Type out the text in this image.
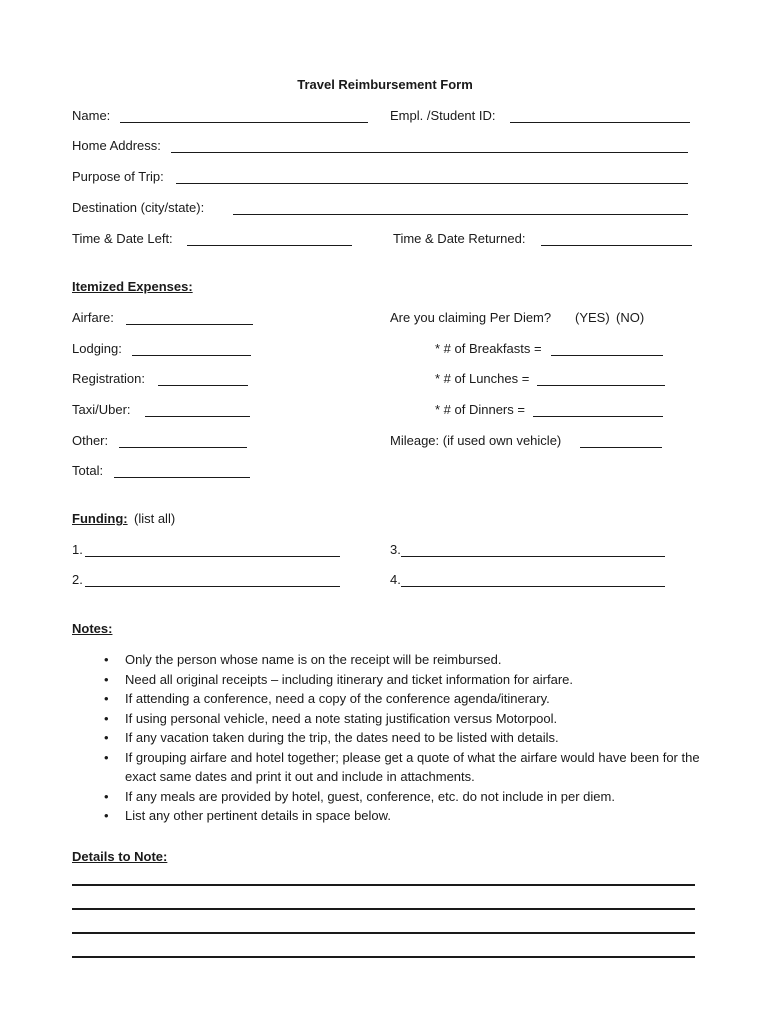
Travel Reimbursement Form
Name:	Empl. /Student ID:
Home Address:
Purpose of Trip:
Destination (city/state):
Time & Date Left:	Time & Date Returned:
Itemized Expenses:
Airfare:	Are you claiming Per Diem? (YES) (NO)
Lodging:	* # of Breakfasts =
Registration:	* # of Lunches =
Taxi/Uber:	* # of Dinners =
Other:	Mileage: (if used own vehicle)
Total:
Funding: (list all)
1.	3.
2.	4.
Notes:
• Only the person whose name is on the receipt will be reimbursed.
• Need all original receipts – including itinerary and ticket information for airfare.
• If attending a conference, need a copy of the conference agenda/itinerary.
• If using personal vehicle, need a note stating justification versus Motorpool.
• If any vacation taken during the trip, the dates need to be listed with details.
• If grouping airfare and hotel together; please get a quote of what the airfare would have been for the exact same dates and print it out and include in attachments.
• If any meals are provided by hotel, guest, conference, etc. do not include in per diem.
• List any other pertinent details in space below.
Details to Note:
